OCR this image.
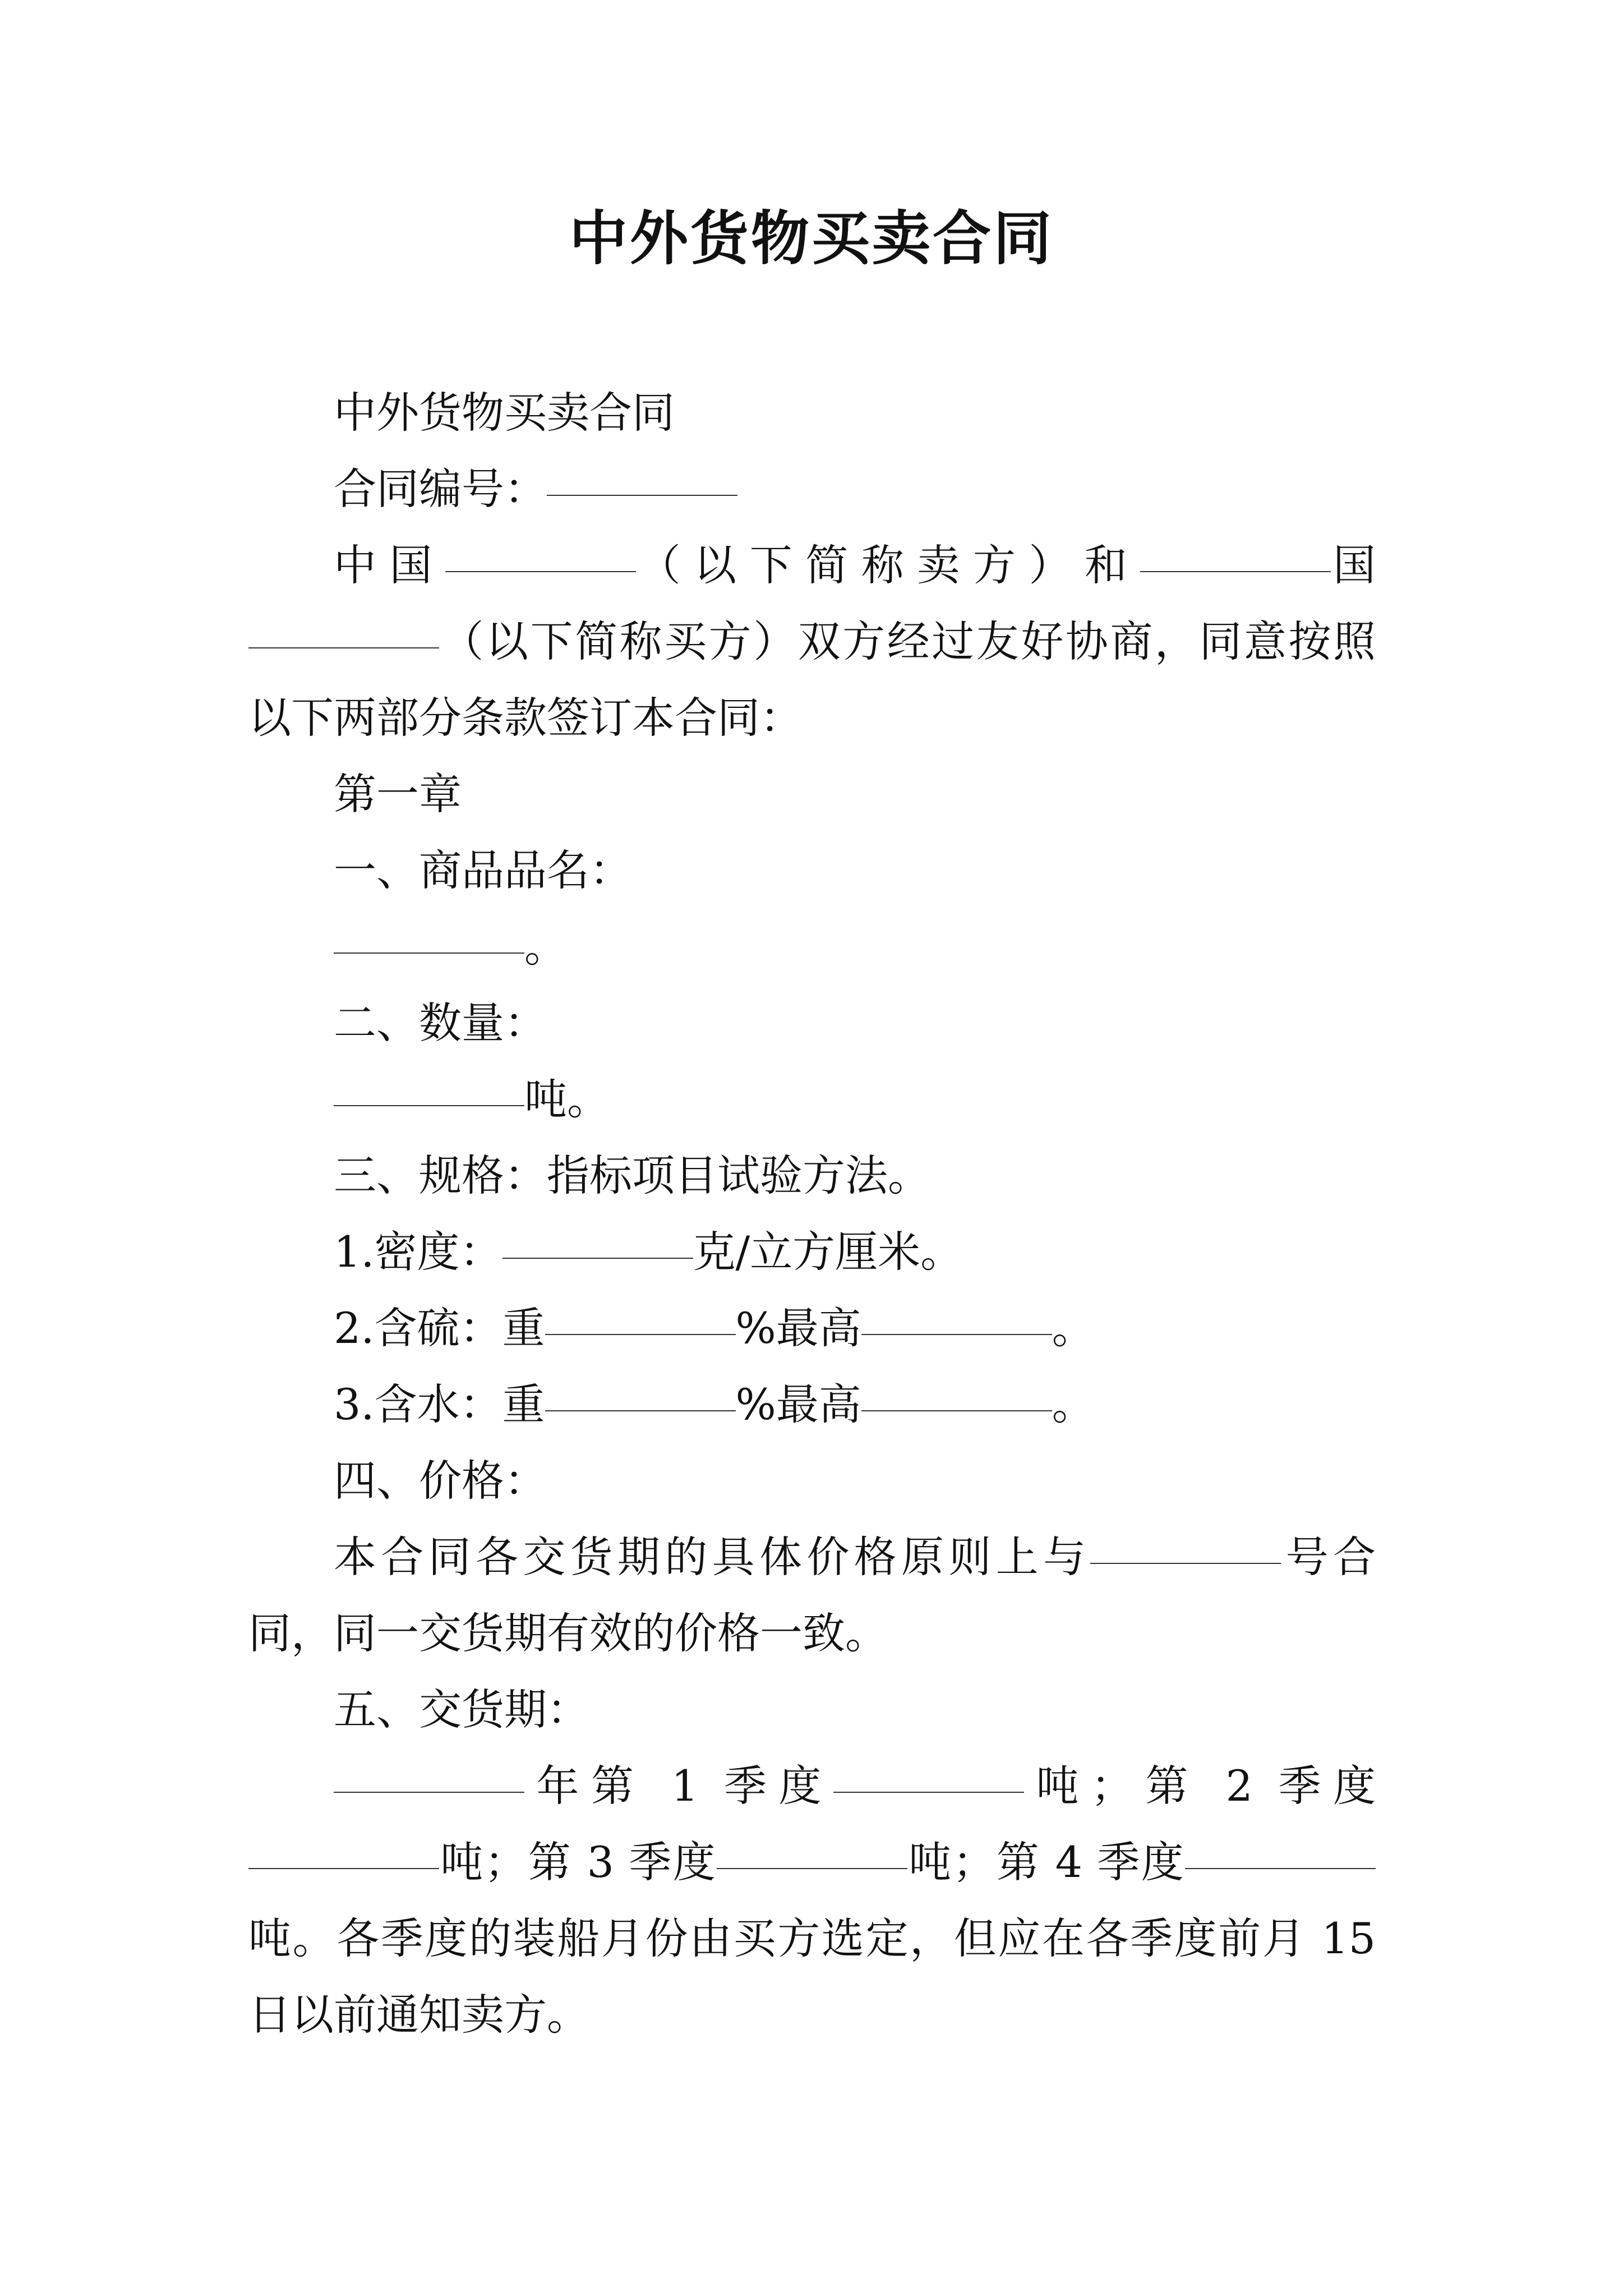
中外货物买卖合同

中外货物买卖合同

合同编号：

中国	（以下简称卖方）和	国（以下简称买方）双方经过友好协商，同意按照以下两部分条款签订本合同：

第一章

一、商品品名：

。

二、数量：

吨。

三、规格：指标项目试验方法。

1.密度：	克/立方厘米。

2.含硫：重	%最高	。

3.含水：重	%最高	。

四、价格：

本合同各交货期的具体价格原则上与	号合同，同一交货期有效的价格一致。

五、交货期：

年第 1 季度	吨；第 2 季度吨；第 3 季度	吨；第 4 季度吨。各季度的装船月份由买方选定，但应在各季度前月 15 日以前通知卖方。
